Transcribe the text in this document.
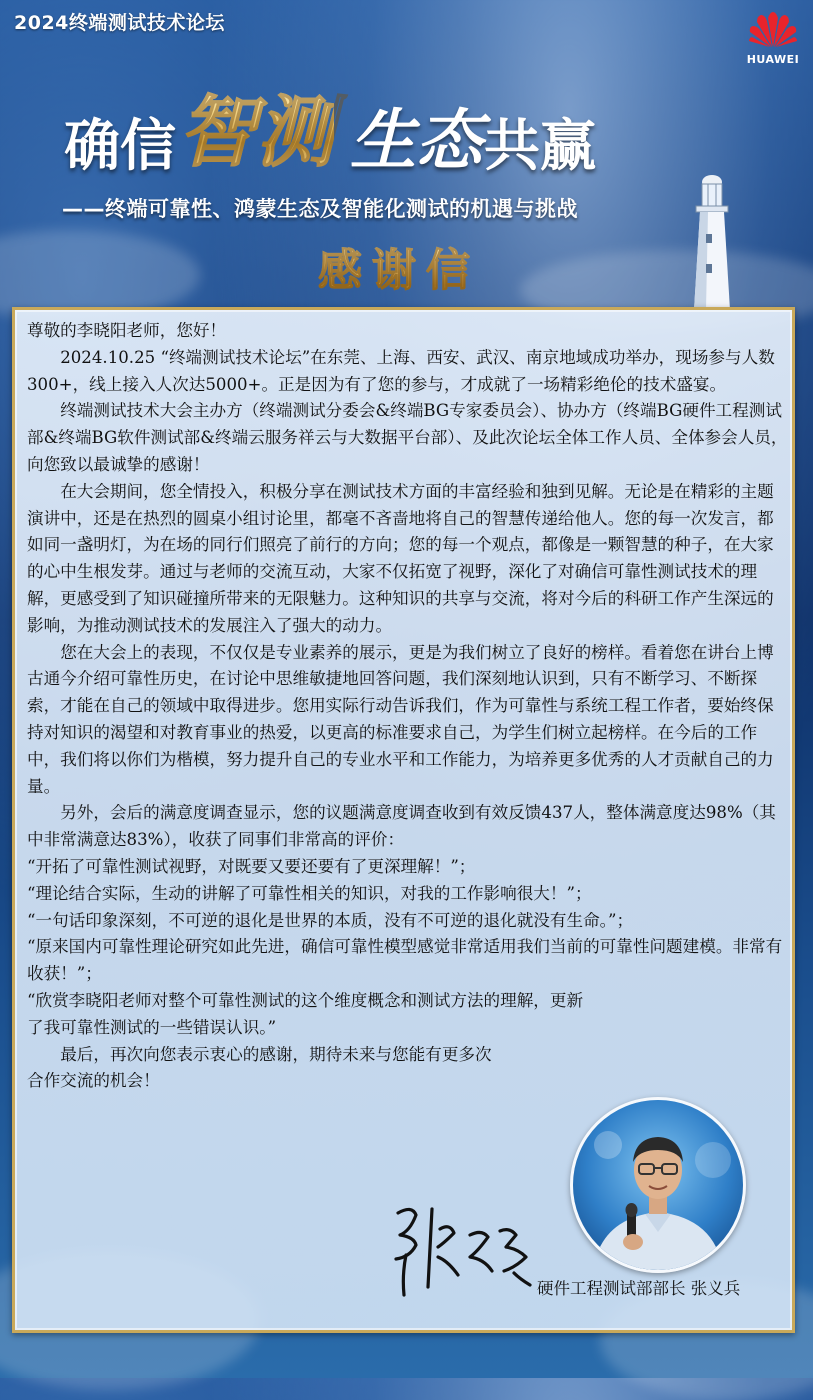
2024终端测试技术论坛
HUAWEI
确信智测 生态共赢
——终端可靠性、鸿蒙生态及智能化测试的机遇与挑战
感谢信

尊敬的李晓阳老师，您好！

2024.10.25 “终端测试技术论坛”在东莞、上海、西安、武汉、南京地域成功举办，现场参与人数300+，线上接入人次达5000+。正是因为有了您的参与，才成就了一场精彩绝伦的技术盛宴。

终端测试技术大会主办方（终端测试分委会&终端BG专家委员会）、协办方（终端BG硬件工程测试部&终端BG软件测试部&终端云服务祥云与大数据平台部）、及此次论坛全体工作人员、全体参会人员，向您致以最诚挚的感谢！

在大会期间，您全情投入，积极分享在测试技术方面的丰富经验和独到见解。无论是在精彩的主题演讲中，还是在热烈的圆桌小组讨论里，都毫不吝啬地将自己的智慧传递给他人。您的每一次发言，都如同一盏明灯，为在场的同行们照亮了前行的方向；您的每一个观点，都像是一颗智慧的种子，在大家的心中生根发芽。通过与老师的交流互动，大家不仅拓宽了视野，深化了对确信可靠性测试技术的理解，更感受到了知识碰撞所带来的无限魅力。这种知识的共享与交流，将对今后的科研工作产生深远的影响，为推动测试技术的发展注入了强大的动力。

您在大会上的表现，不仅仅是专业素养的展示，更是为我们树立了良好的榜样。看着您在讲台上博古通今介绍可靠性历史，在讨论中思维敏捷地回答问题，我们深刻地认识到，只有不断学习、不断探索，才能在自己的领域中取得进步。您用实际行动告诉我们，作为可靠性与系统工程工作者，要始终保持对知识的渴望和对教育事业的热爱，以更高的标准要求自己，为学生们树立起榜样。在今后的工作中，我们将以你们为楷模，努力提升自己的专业水平和工作能力，为培养更多优秀的人才贡献自己的力量。

另外，会后的满意度调查显示，您的议题满意度调查收到有效反馈437人，整体满意度达98%（其中非常满意达83%），收获了同事们非常高的评价：

“开拓了可靠性测试视野，对既要又要还要有了更深理解！”；

“理论结合实际，生动的讲解了可靠性相关的知识，对我的工作影响很大！”；

“一句话印象深刻，不可逆的退化是世界的本质，没有不可逆的退化就没有生命。”；

“原来国内可靠性理论研究如此先进，确信可靠性模型感觉非常适用我们当前的可靠性问题建模。非常有收获！”；

“欣赏李晓阳老师对整个可靠性测试的这个维度概念和测试方法的理解，更新了我可靠性测试的一些错误认识。”

最后，再次向您表示衷心的感谢，期待未来与您能有更多次合作交流的机会！

硬件工程测试部部长 张义兵
